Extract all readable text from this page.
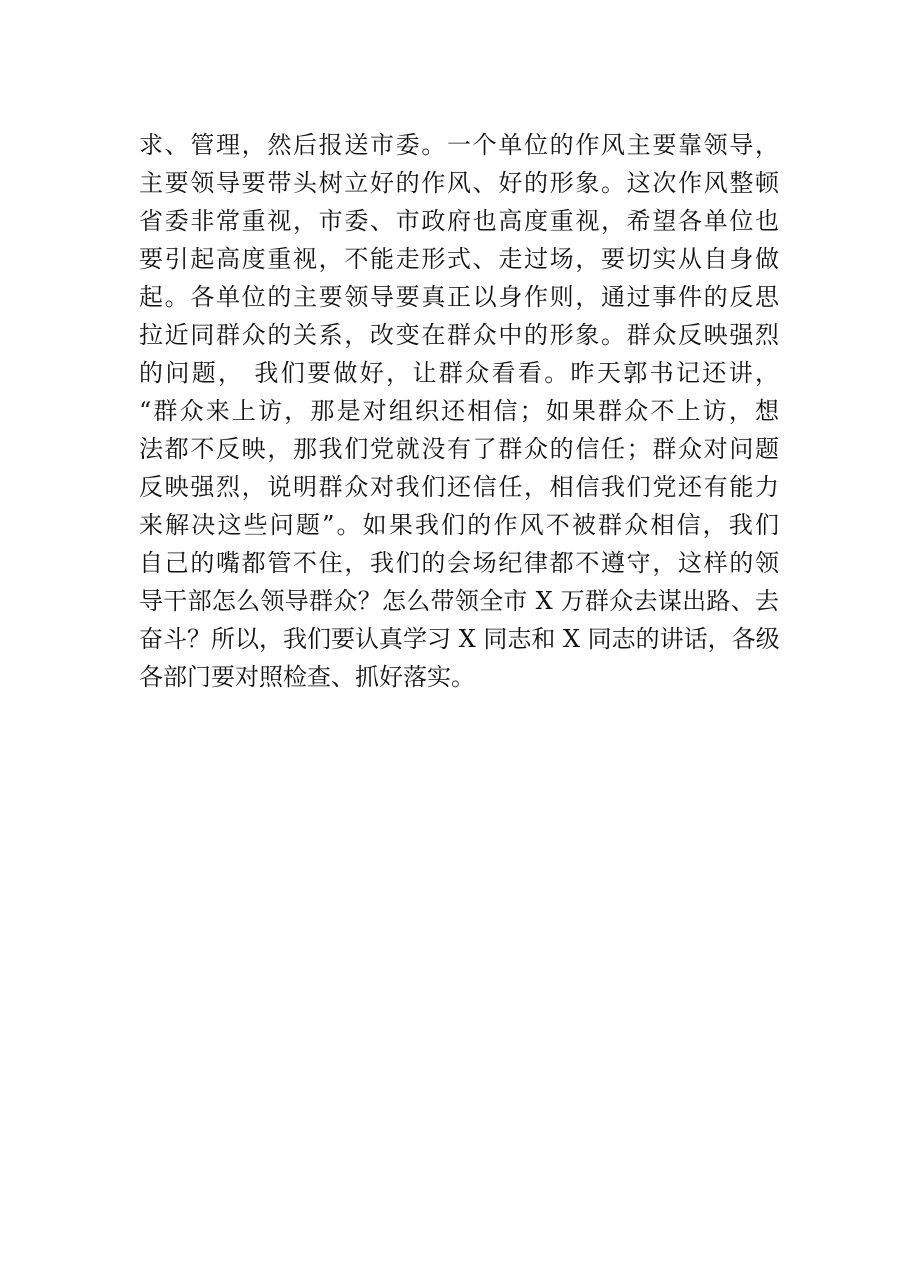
求、管理，然后报送市委。一个单位的作风主要靠领导，
主要领导要带头树立好的作风、好的形象。这次作风整顿
省委非常重视，市委、市政府也高度重视，希望各单位也
要引起高度重视，不能走形式、走过场，要切实从自身做
起。各单位的主要领导要真正以身作则，通过事件的反思
拉近同群众的关系，改变在群众中的形象。群众反映强烈
的问题， 我们要做好，让群众看看。昨天郭书记还讲，
“群众来上访，那是对组织还相信；如果群众不上访，想
法都不反映，那我们党就没有了群众的信任；群众对问题
反映强烈，说明群众对我们还信任，相信我们党还有能力
来解决这些问题”。如果我们的作风不被群众相信，我们
自己的嘴都管不住，我们的会场纪律都不遵守，这样的领
导干部怎么领导群众？怎么带领全市 X 万群众去谋出路、去
奋斗？所以，我们要认真学习 X 同志和 X 同志的讲话，各级
各部门要对照检查、抓好落实。
